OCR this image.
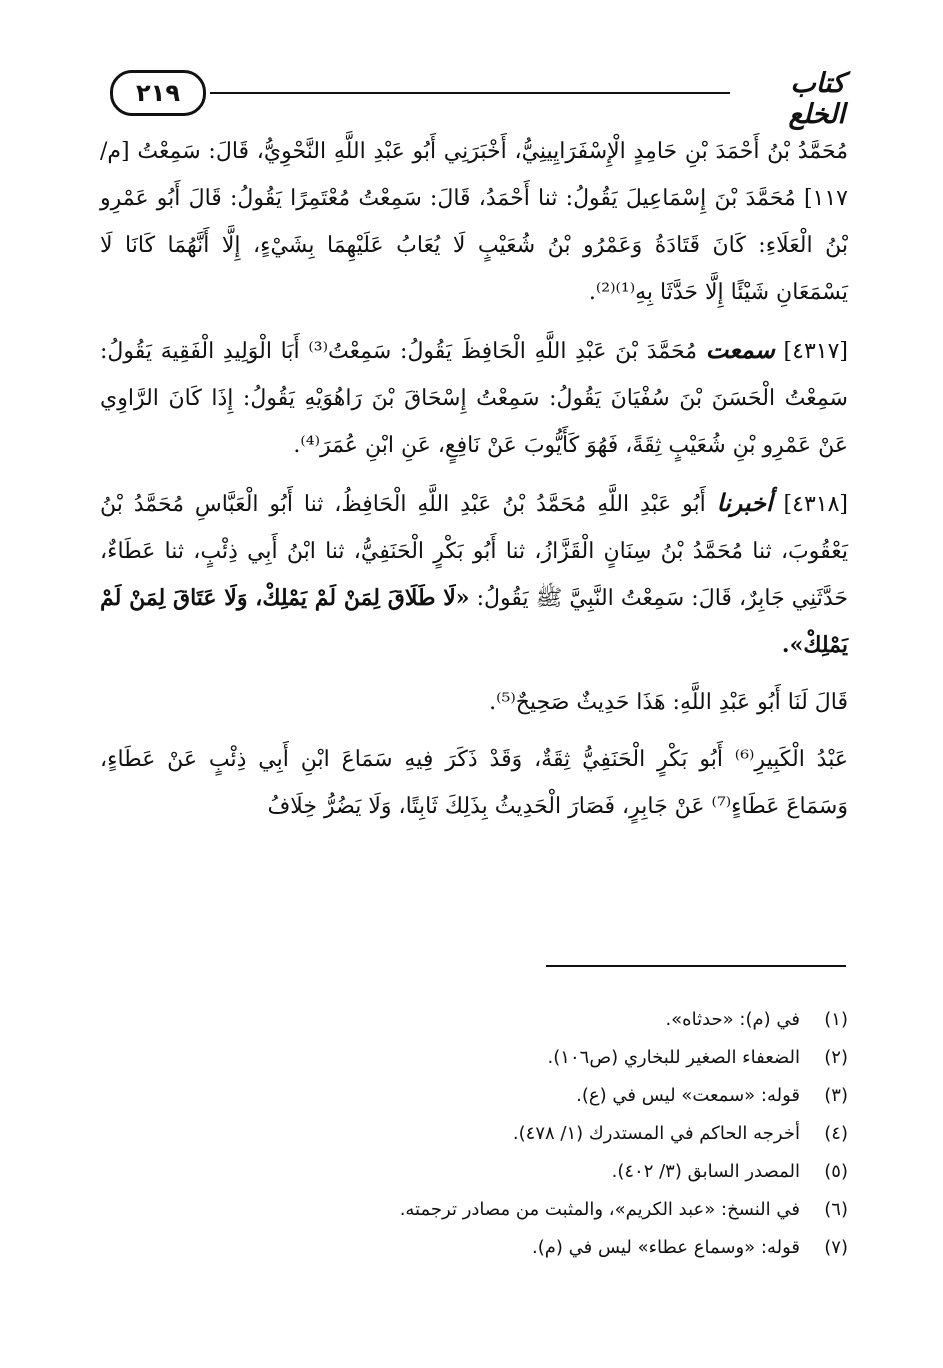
٢١٩	كتاب الخلع

مُحَمَّدُ بْنُ أَحْمَدَ بْنِ حَامِدٍ الْإِسْفَرَايِينِيُّ، أَخْبَرَنِي أَبُو عَبْدِ اللَّهِ النَّحْوِيُّ، قَالَ: سَمِعْتُ [م/١١٧] مُحَمَّدَ بْنَ إِسْمَاعِيلَ يَقُولُ: ثنا أَحْمَدُ، قَالَ: سَمِعْتُ مُعْتَمِرًا يَقُولُ: قَالَ أَبُو عَمْرِو بْنُ الْعَلَاءِ: كَانَ قَتَادَةُ وَعَمْرُو بْنُ شُعَيْبٍ لَا يُعَابُ عَلَيْهِمَا بِشَيْءٍ، إِلَّا أَنَّهُمَا كَانَا لَا يَسْمَعَانِ شَيْئًا إِلَّا حَدَّثَا بِهِ⁽¹⁾⁽²⁾.

[٤٣١٧] سمعت مُحَمَّدَ بْنَ عَبْدِ اللَّهِ الْحَافِظَ يَقُولُ: سَمِعْتُ⁽³⁾ أَبَا الْوَلِيدِ الْفَقِيهَ يَقُولُ: سَمِعْتُ الْحَسَنَ بْنَ سُفْيَانَ يَقُولُ: سَمِعْتُ إِسْحَاقَ بْنَ رَاهُوَيْهِ يَقُولُ: إِذَا كَانَ الرَّاوِي عَنْ عَمْرِو بْنِ شُعَيْبٍ ثِقَةً، فَهُوَ كَأَيُّوبَ عَنْ نَافِعٍ، عَنِ ابْنِ عُمَرَ⁽⁴⁾.

[٤٣١٨] أخبرنا أَبُو عَبْدِ اللَّهِ مُحَمَّدُ بْنُ عَبْدِ اللَّهِ الْحَافِظُ، ثنا أَبُو الْعَبَّاسِ مُحَمَّدُ بْنُ يَعْقُوبَ، ثنا مُحَمَّدُ بْنُ سِنَانٍ الْقَزَّازُ، ثنا أَبُو بَكْرٍ الْحَنَفِيُّ، ثنا ابْنُ أَبِي ذِئْبٍ، ثنا عَطَاءٌ، حَدَّثَنِي جَابِرٌ، قَالَ: سَمِعْتُ النَّبِيَّ ﷺ يَقُولُ: «لَا طَلَاقَ لِمَنْ لَمْ يَمْلِكْ، وَلَا عَتَاقَ لِمَنْ لَمْ يَمْلِكْ».

قَالَ لَنَا أَبُو عَبْدِ اللَّهِ: هَذَا حَدِيثٌ صَحِيحٌ⁽⁵⁾.

عَبْدُ الْكَبِيرِ⁽⁶⁾ أَبُو بَكْرٍ الْحَنَفِيُّ ثِقَةٌ، وَقَدْ ذَكَرَ فِيهِ سَمَاعَ ابْنِ أَبِي ذِئْبٍ عَنْ عَطَاءٍ، وَسَمَاعَ عَطَاءٍ⁽⁷⁾ عَنْ جَابِرٍ، فَصَارَ الْحَدِيثُ بِذَلِكَ ثَابِتًا، وَلَا يَضُرُّ خِلَافُ

(١)
في (م): «حدثاه».
(٢)
الضعفاء الصغير للبخاري (ص١٠٦).
(٣)
قوله: «سمعت» ليس في (ع).
(٤)
أخرجه الحاكم في المستدرك (١/ ٤٧٨).
(٥)
المصدر السابق (٣/ ٤٠٢).
(٦)
في النسخ: «عبد الكريم»، والمثبت من مصادر ترجمته.
(٧)
قوله: «وسماع عطاء» ليس في (م).
